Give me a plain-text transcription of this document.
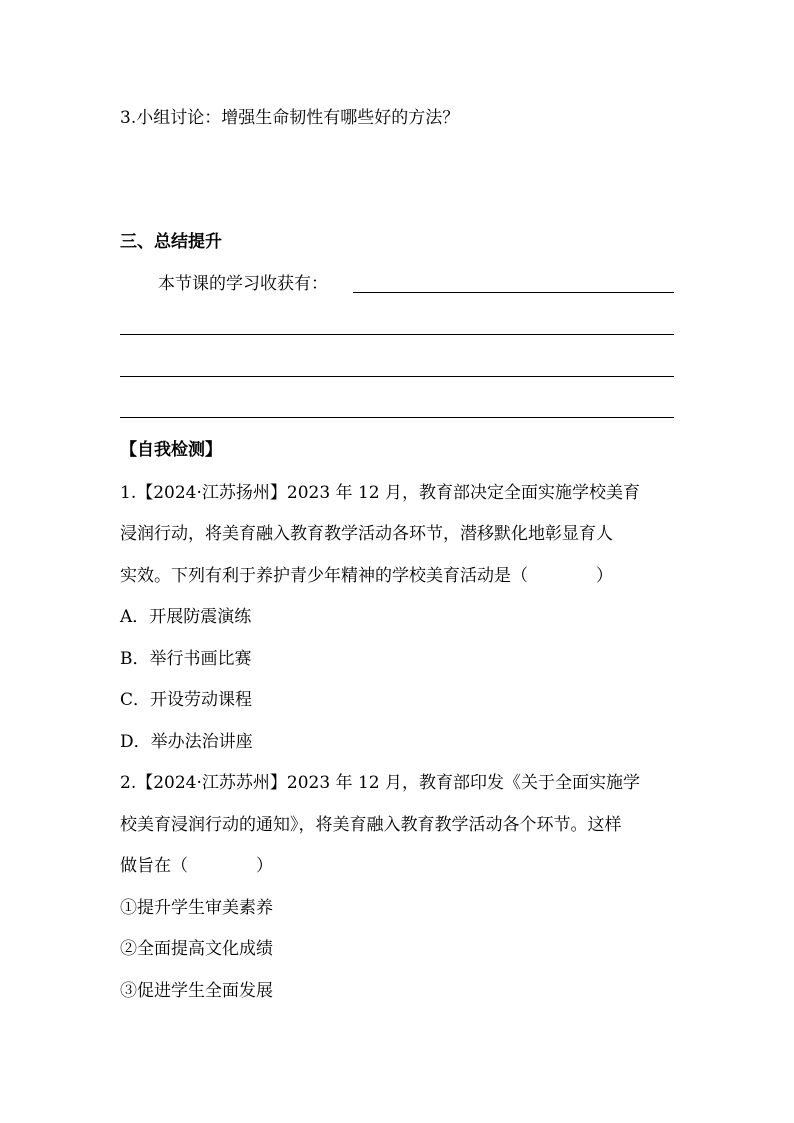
3.小组讨论：增强生命韧性有哪些好的方法？
三、总结提升
本节课的学习收获有：
【自我检测】
1.【2024·江苏扬州】2023 年 12 月，教育部决定全面实施学校美育
浸润行动，将美育融入教育教学活动各环节，潜移默化地彰显育人
实效。下列有利于养护青少年精神的学校美育活动是（　　　　）
A．开展防震演练
B．举行书画比赛
C．开设劳动课程
D．举办法治讲座
2.【2024·江苏苏州】2023 年 12 月，教育部印发《关于全面实施学
校美育浸润行动的通知》，将美育融入教育教学活动各个环节。这样
做旨在（　　　　）
①提升学生审美素养
②全面提高文化成绩
③促进学生全面发展
